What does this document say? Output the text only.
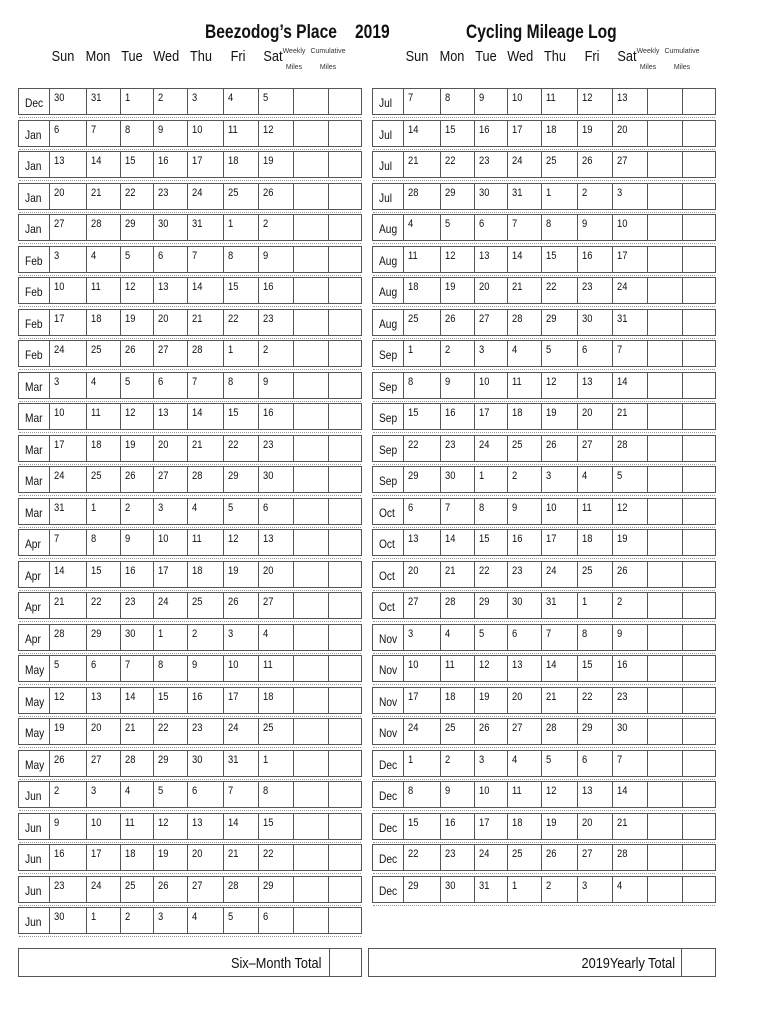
Beezodog’s Place 2019	Cycling Mileage Log
Sun Mon Tue Wed Thu	Fri	Sat Weekly
Miles
Cumulative
Miles
Sun Mon Tue Wed Thu	Fri	Sat Weekly
Miles
Cumulative
Miles
Dec 30 31 1	2	3	4	5
Jan 6	7	8	9	10 11 12
Jan 13 14 15 16 17 18 19
Jan 20 21 22 23 24 25 26
Jan 27 28 29 30 31 1	2
Feb 3	4	5	6	7	8	9
Feb 10 11 12 13 14 15 16
Feb 17 18 19 20 21 22 23
Feb 24 25 26 27 28 1	2
Mar 3	4	5	6	7	8	9
Mar 10 11 12 13 14 15 16
Mar 17 18 19 20 21 22 23
Mar 24 25 26 27 28 29 30
Mar 31 1	2	3	4	5	6
Apr 7	8	9	10 11 12 13
Apr 14 15 16 17 18 19 20
Apr 21 22 23 24 25 26 27
Apr 28 29 30 1	2	3	4
May 5	6	7	8	9	10 11
May 12 13 14 15 16 17 18
May 19 20 21 22 23 24 25
May 26 27 28 29 30 31 1
Jun 2	3	4	5	6	7	8
Jun 9	10 11 12 13 14 15
Jun 16 17 18 19 20 21 22
Jun 23 24 25 26 27 28 29
Jun 30 1	2	3	4	5	6
Jul 7	8	9	10 11 12 13
Jul 14 15 16 17 18 19 20
Jul 21 22 23 24 25 26 27
Jul 28 29 30 31 1	2	3
Aug 4	5	6	7	8	9	10
Aug 11 12 13 14 15 16 17
Aug 18 19 20 21 22 23 24
Aug 25 26 27 28 29 30 31
Sep 1	2	3	4	5	6	7
Sep 8	9	10 11 12 13 14
Sep 15 16 17 18 19 20 21
Sep 22 23 24 25 26 27 28
Sep 29 30 1	2	3	4	5
Oct 6	7	8	9	10 11 12
Oct 13 14 15 16 17 18 19
Oct 20 21 22 23 24 25 26
Oct 27 28 29 30 31 1	2
Nov 3	4	5	6	7	8	9
Nov 10 11 12 13 14 15 16
Nov 17 18 19 20 21 22 23
Nov 24 25 26 27 28 29 30
Dec 1	2	3	4	5	6	7
Dec 8	9	10 11 12 13 14
Dec 15 16 17 18 19 20 21
Dec 22 23 24 25 26 27 28
Dec 29 30 31 1	2	3	4
Six–Month Total	2019Yearly Total
